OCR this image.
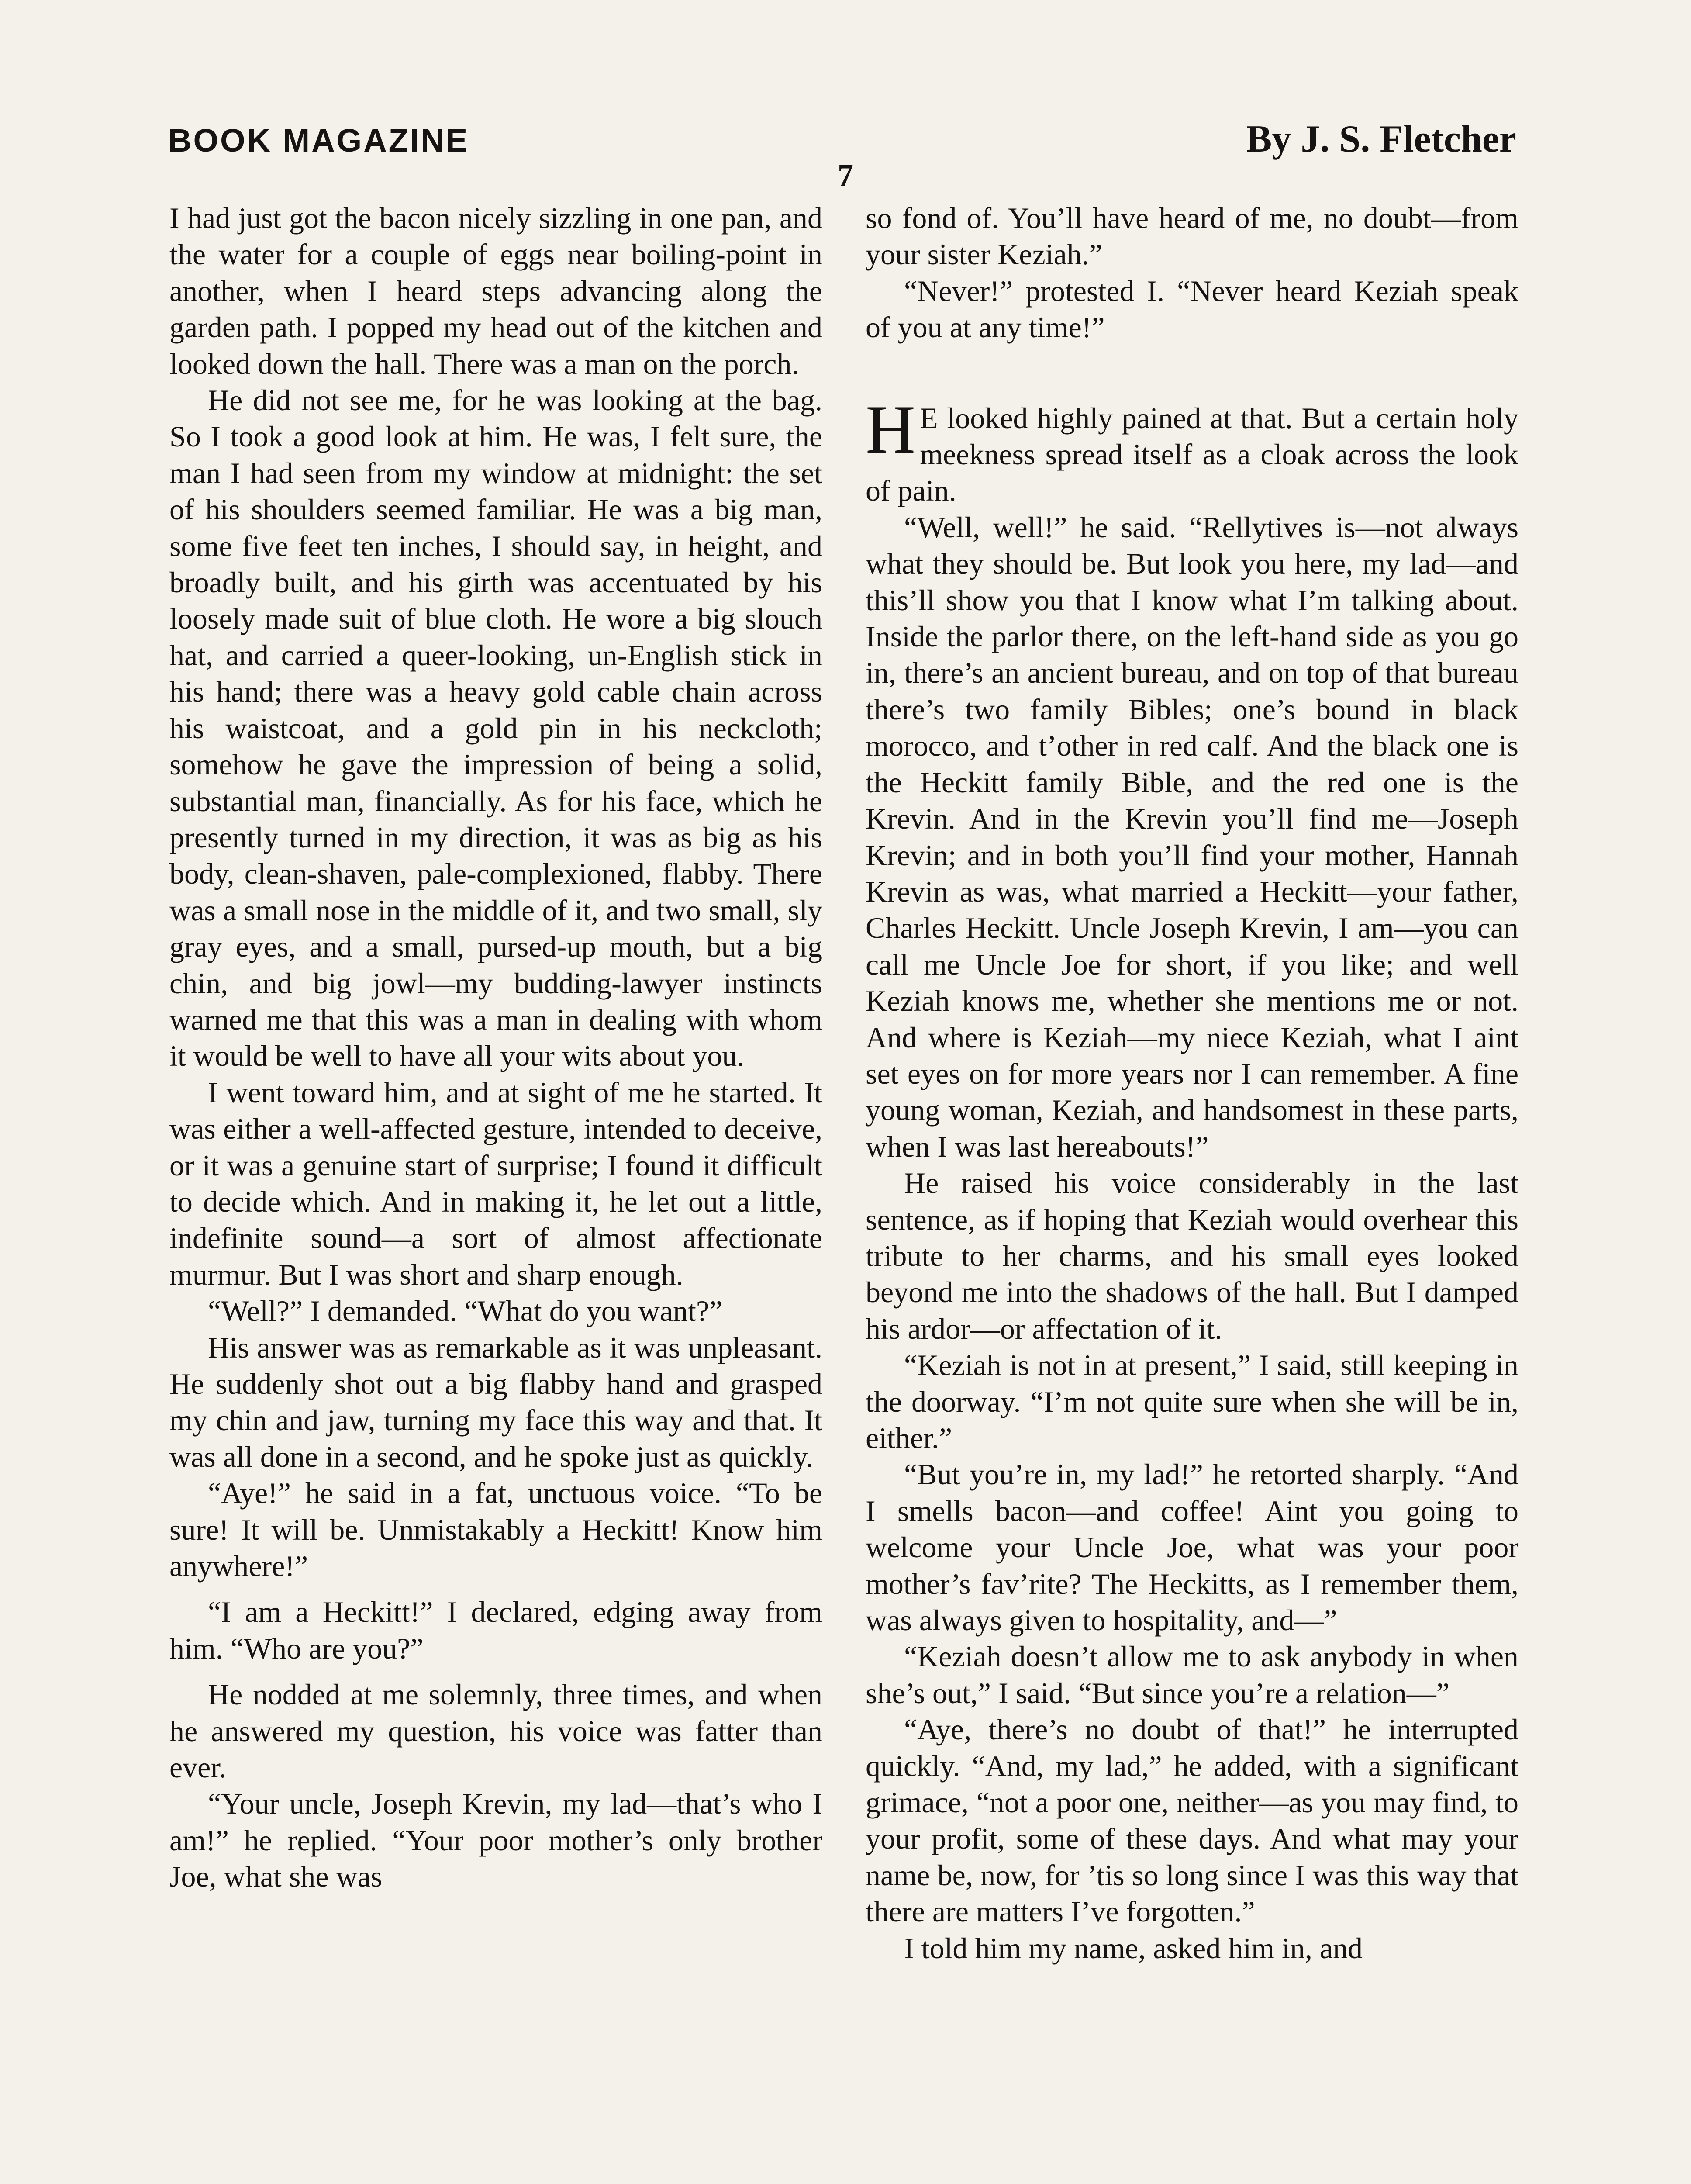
BOOK MAGAZINE	By J. S. Fletcher
7

I had just got the bacon nicely sizzling in one pan, and the water for a couple of eggs near boiling-point in another, when I heard steps advancing along the garden path. I popped my head out of the kitchen and looked down the hall. There was a man on the porch.

He did not see me, for he was looking at the bag. So I took a good look at him. He was, I felt sure, the man I had seen from my window at midnight: the set of his shoulders seemed familiar. He was a big man, some five feet ten inches, I should say, in height, and broadly built, and his girth was accentuated by his loosely made suit of blue cloth. He wore a big slouch hat, and carried a queer-looking, un-English stick in his hand; there was a heavy gold cable chain across his waistcoat, and a gold pin in his neckcloth; somehow he gave the impression of being a solid, substantial man, financially. As for his face, which he presently turned in my direction, it was as big as his body, clean-shaven, pale-complexioned, flabby. There was a small nose in the middle of it, and two small, sly gray eyes, and a small, pursed-up mouth, but a big chin, and big jowl—my budding-lawyer instincts warned me that this was a man in dealing with whom it would be well to have all your wits about you.

I went toward him, and at sight of me he started. It was either a well-affected gesture, intended to deceive, or it was a genuine start of surprise; I found it difficult to decide which. And in making it, he let out a little, indefinite sound—a sort of almost affectionate murmur. But I was short and sharp enough.

“Well?” I demanded. “What do you want?”

His answer was as remarkable as it was unpleasant. He suddenly shot out a big flabby hand and grasped my chin and jaw, turning my face this way and that. It was all done in a second, and he spoke just as quickly.

“Aye!” he said in a fat, unctuous voice. “To be sure! It will be. Unmistakably a Heckitt! Know him anywhere!”

“I am a Heckitt!” I declared, edging away from him. “Who are you?”

He nodded at me solemnly, three times, and when he answered my question, his voice was fatter than ever.

“Your uncle, Joseph Krevin, my lad—that’s who I am!” he replied. “Your poor mother’s only brother Joe, what she was

so fond of. You’ll have heard of me, no doubt—from your sister Keziah.”

“Never!” protested I. “Never heard Keziah speak of you at any time!”

H E looked highly pained at that. But a certain holy meekness spread itself as a cloak across the look of pain.

“Well, well!” he said. “Rellytives is—not always what they should be. But look you here, my lad—and this’ll show you that I know what I’m talking about. Inside the parlor there, on the left-hand side as you go in, there’s an ancient bureau, and on top of that bureau there’s two family Bibles; one’s bound in black morocco, and t’other in red calf. And the black one is the Heckitt family Bible, and the red one is the Krevin. And in the Krevin you’ll find me—Joseph Krevin; and in both you’ll find your mother, Hannah Krevin as was, what married a Heckitt—your father, Charles Heckitt. Uncle Joseph Krevin, I am—you can call me Uncle Joe for short, if you like; and well Keziah knows me, whether she mentions me or not. And where is Keziah—my niece Keziah, what I aint set eyes on for more years nor I can remember. A fine young woman, Keziah, and handsomest in these parts, when I was last hereabouts!”

He raised his voice considerably in the last sentence, as if hoping that Keziah would overhear this tribute to her charms, and his small eyes looked beyond me into the shadows of the hall. But I damped his ardor—or affectation of it.

“Keziah is not in at present,” I said, still keeping in the doorway. “I’m not quite sure when she will be in, either.”

“But you’re in, my lad!” he retorted sharply. “And I smells bacon—and coffee! Aint you going to welcome your Uncle Joe, what was your poor mother’s fav’rite? The Heckitts, as I remember them, was always given to hospitality, and—”

“Keziah doesn’t allow me to ask anybody in when she’s out,” I said. “But since you’re a relation—”

“Aye, there’s no doubt of that!” he interrupted quickly. “And, my lad,” he added, with a significant grimace, “not a poor one, neither—as you may find, to your profit, some of these days. And what may your name be, now, for ’tis so long since I was this way that there are matters I’ve forgotten.”

I told him my name, asked him in, and
